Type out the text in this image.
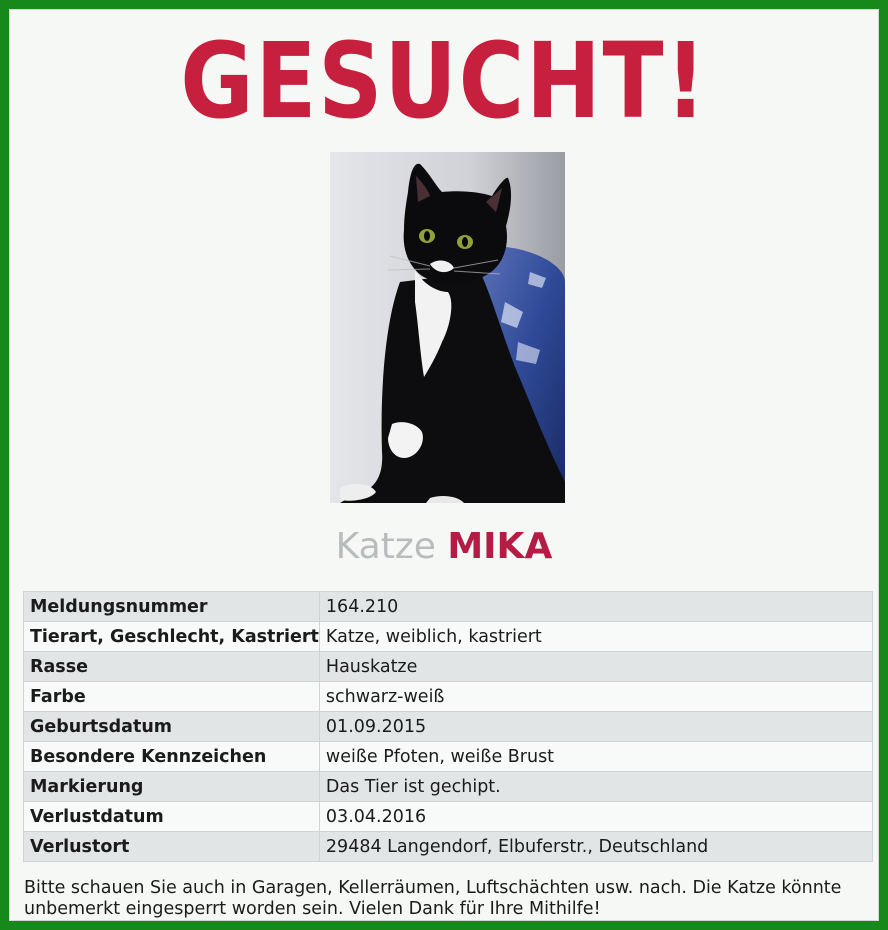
GESUCHT!
Katze MIKA
Meldungsnummer	164.210
Tierart, Geschlecht, Kastriert	Katze, weiblich, kastriert
Rasse	Hauskatze
Farbe	schwarz-weiß
Geburtsdatum	01.09.2015
Besondere Kennzeichen	weiße Pfoten, weiße Brust
Markierung	Das Tier ist gechipt.
Verlustdatum	03.04.2016
Verlustort	29484 Langendorf, Elbuferstr., Deutschland
Bitte schauen Sie auch in Garagen, Kellerräumen, Luftschächten usw. nach. Die Katze könnte unbemerkt eingesperrt worden sein. Vielen Dank für Ihre Mithilfe!
